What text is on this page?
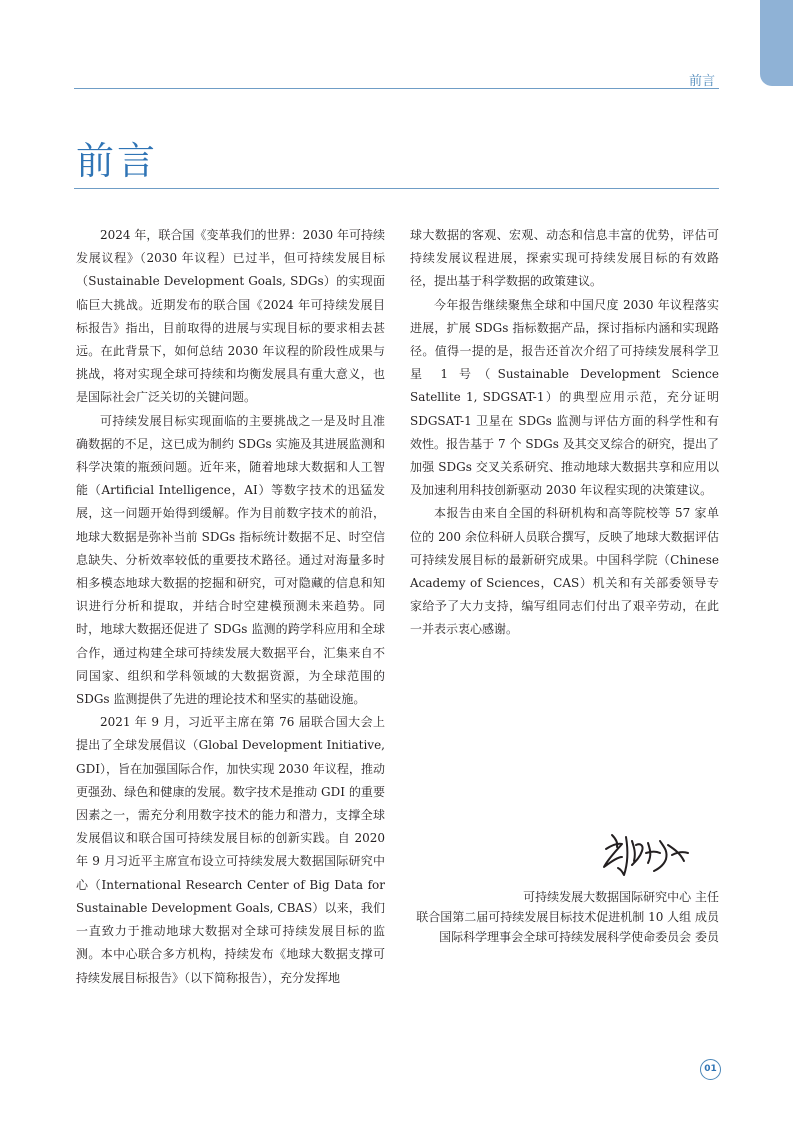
前言
前言

2024 年，联合国《变革我们的世界：2030 年可持续发展议程》（2030 年议程）已过半，但可持续发展目标（Sustainable Development Goals, SDGs）的实现面临巨大挑战。近期发布的联合国《2024 年可持续发展目标报告》指出，目前取得的进展与实现目标的要求相去甚远。在此背景下，如何总结 2030 年议程的阶段性成果与挑战，将对实现全球可持续和均衡发展具有重大意义，也是国际社会广泛关切的关键问题。

可持续发展目标实现面临的主要挑战之一是及时且准确数据的不足，这已成为制约 SDGs 实施及其进展监测和科学决策的瓶颈问题。近年来，随着地球大数据和人工智能（Artificial Intelligence，AI）等数字技术的迅猛发展，这一问题开始得到缓解。作为目前数字技术的前沿，地球大数据是弥补当前 SDGs 指标统计数据不足、时空信息缺失、分析效率较低的重要技术路径。通过对海量多时相多模态地球大数据的挖掘和研究，可对隐藏的信息和知识进行分析和提取，并结合时空建模预测未来趋势。同时，地球大数据还促进了 SDGs 监测的跨学科应用和全球合作，通过构建全球可持续发展大数据平台，汇集来自不同国家、组织和学科领域的大数据资源，为全球范围的 SDGs 监测提供了先进的理论技术和坚实的基础设施。

2021 年 9 月，习近平主席在第 76 届联合国大会上提出了全球发展倡议（Global Development Initiative, GDI），旨在加强国际合作，加快实现 2030 年议程，推动更强劲、绿色和健康的发展。数字技术是推动 GDI 的重要因素之一，需充分利用数字技术的能力和潜力，支撑全球发展倡议和联合国可持续发展目标的创新实践。自 2020 年 9 月习近平主席宣布设立可持续发展大数据国际研究中心（International Research Center of Big Data for Sustainable Development Goals, CBAS）以来，我们一直致力于推动地球大数据对全球可持续发展目标的监测。本中心联合多方机构，持续发布《地球大数据支撑可持续发展目标报告》（以下简称报告），充分发挥地

球大数据的客观、宏观、动态和信息丰富的优势，评估可持续发展议程进展，探索实现可持续发展目标的有效路径，提出基于科学数据的政策建议。

今年报告继续聚焦全球和中国尺度 2030 年议程落实进展，扩展 SDGs 指标数据产品，探讨指标内涵和实现路径。值得一提的是，报告还首次介绍了可持续发展科学卫星 1 号（Sustainable Development Science Satellite 1, SDGSAT-1）的典型应用示范，充分证明 SDGSAT-1 卫星在 SDGs 监测与评估方面的科学性和有效性。报告基于 7 个 SDGs 及其交叉综合的研究，提出了加强 SDGs 交叉关系研究、推动地球大数据共享和应用以及加速利用科技创新驱动 2030 年议程实现的决策建议。

本报告由来自全国的科研机构和高等院校等 57 家单位的 200 余位科研人员联合撰写，反映了地球大数据评估可持续发展目标的最新研究成果。中国科学院（Chinese Academy of Sciences，CAS）机关和有关部委领导专家给予了大力支持，编写组同志们付出了艰辛劳动，在此一并表示衷心感谢。

可持续发展大数据国际研究中心 主任
联合国第二届可持续发展目标技术促进机制 10 人组 成员
国际科学理事会全球可持续发展科学使命委员会 委员
01
